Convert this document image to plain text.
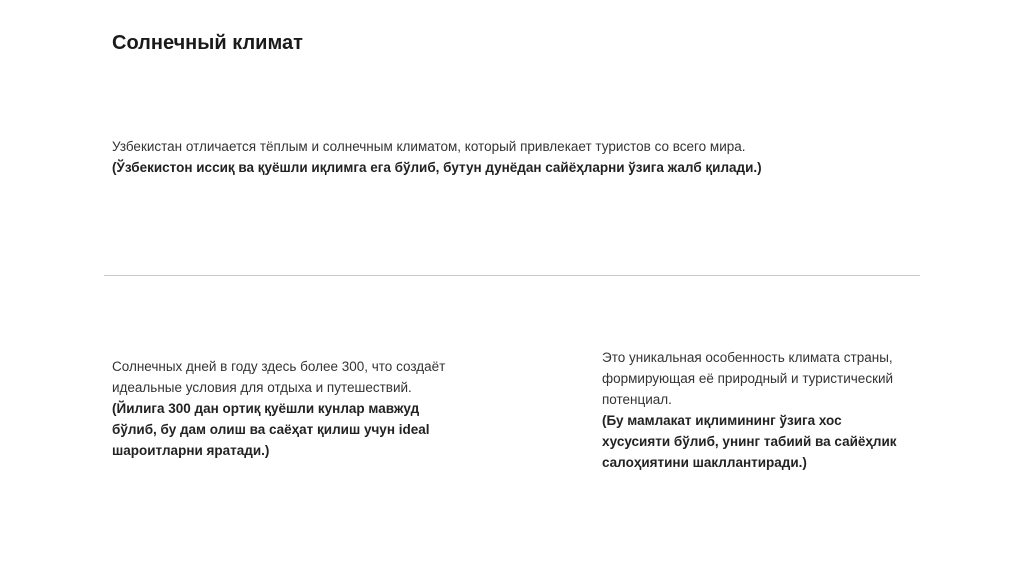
Солнечный климат
Узбекистан отличается тёплым и солнечным климатом, который привлекает туристов со всего мира.
(Ўзбекистон иссиқ ва қуёшли иқлимга ега бўлиб, бутун дунёдан сайёҳларни ўзига жалб қилади.)
Солнечных дней в году здесь более 300, что создаёт идеальные условия для отдыха и путешествий.
(Йилига 300 дан ортиқ қуёшли кунлар мавжуд бўлиб, бу дам олиш ва саёҳат қилиш учун ideal шароитларни яратади.)
Это уникальная особенность климата страны, формирующая её природный и туристический потенциал.
(Бу мамлакат иқлимининг ўзига хос хусусияти бўлиб, унинг табиий ва сайёҳлик салоҳиятини шакллантиради.)
